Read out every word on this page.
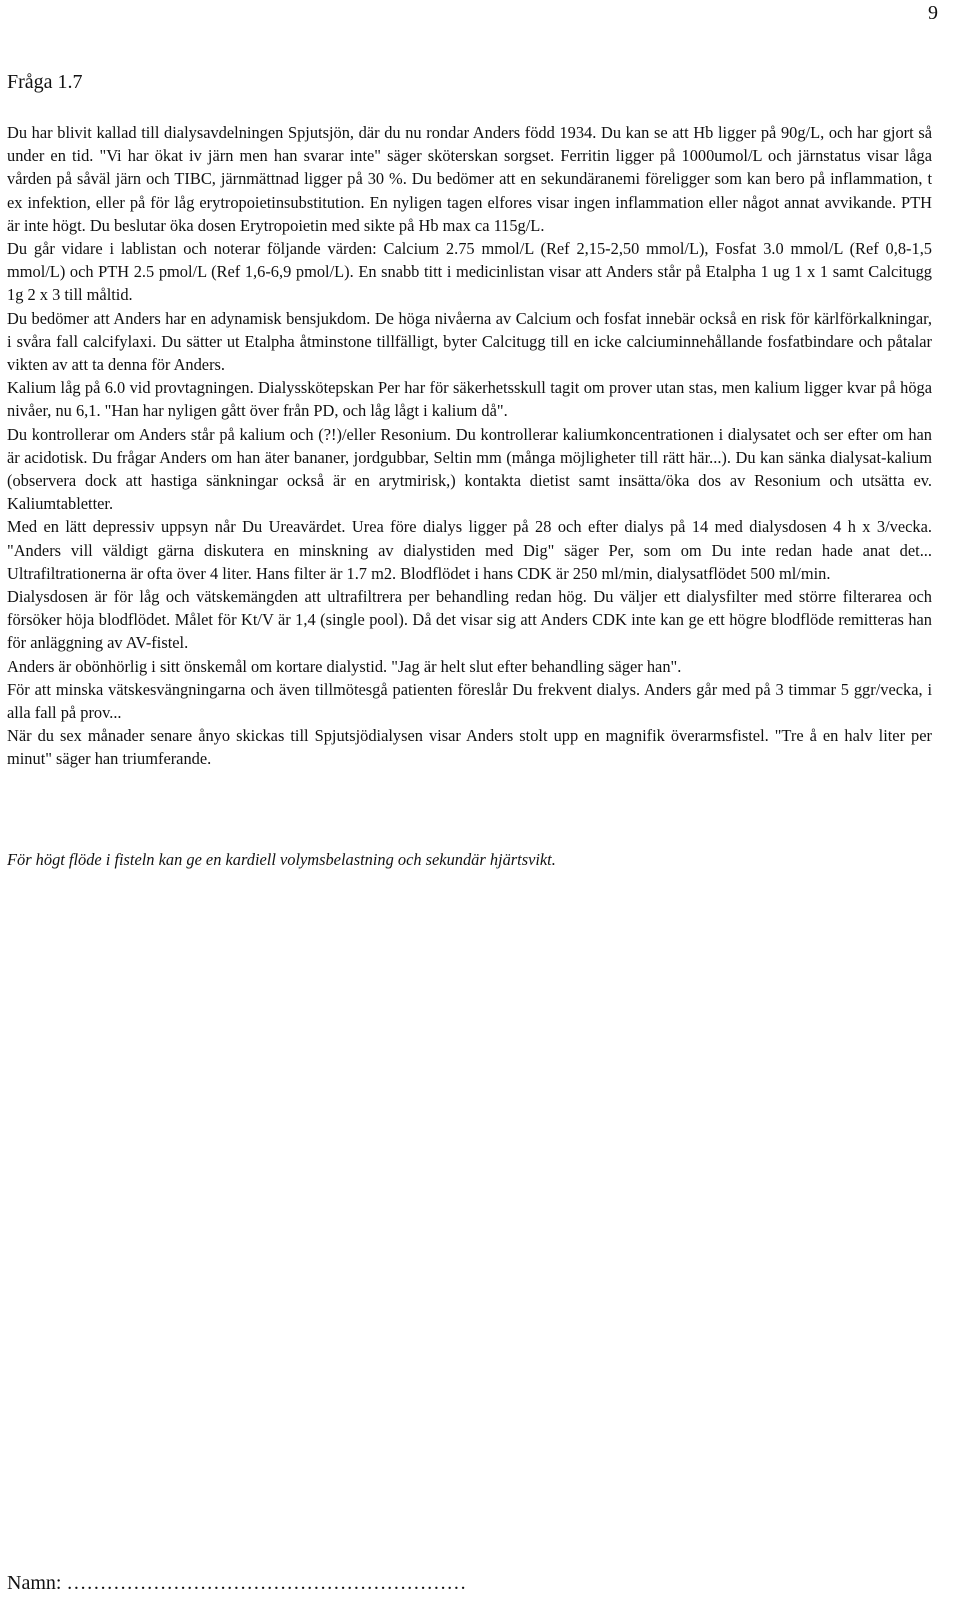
9
Fråga 1.7

Du har blivit kallad till dialysavdelningen Spjutsjön, där du nu rondar Anders född 1934. Du kan se att Hb ligger på 90g/L, och har gjort så under en tid. "Vi har ökat iv järn men han svarar inte" säger sköterskan sorgset. Ferritin ligger på 1000umol/L och järnstatus visar låga vården på såväl järn och TIBC, järnmättnad ligger på 30 %. Du bedömer att en sekundäranemi föreligger som kan bero på inflammation, t ex infektion, eller på för låg erytropoietinsubstitution. En nyligen tagen elfores visar ingen inflammation eller något annat avvikande. PTH är inte högt. Du beslutar öka dosen Erytropoietin med sikte på Hb max ca 115g/L.

Du går vidare i lablistan och noterar följande värden: Calcium 2.75 mmol/L (Ref 2,15-2,50 mmol/L), Fosfat 3.0 mmol/L (Ref 0,8-1,5 mmol/L) och PTH 2.5 pmol/L (Ref 1,6-6,9 pmol/L). En snabb titt i medicinlistan visar att Anders står på Etalpha 1 ug 1 x 1 samt Calcitugg 1g 2 x 3 till måltid.

Du bedömer att Anders har en adynamisk bensjukdom. De höga nivåerna av Calcium och fosfat innebär också en risk för kärlförkalkningar, i svåra fall calcifylaxi. Du sätter ut Etalpha åtminstone tillfälligt, byter Calcitugg till en icke calciuminnehållande fosfatbindare och påtalar vikten av att ta denna för Anders.

Kalium låg på 6.0 vid provtagningen. Dialysskötерskan Per har för säkerhetsskull tagit om prover utan stas, men kalium ligger kvar på höga nivåer, nu 6,1. "Han har nyligen gått över från PD, och låg lågt i kalium då".

Du kontrollerar om Anders står på kalium och (?!)/eller Resonium. Du kontrollerar kaliumkoncentrationen i dialysatet och ser efter om han är acidotisk. Du frågar Anders om han äter bananer, jordgubbar, Seltin mm (många möjligheter till rätt här...). Du kan sänka dialysat-kalium (observera dock att hastiga sänkningar också är en arytmirisk,) kontakta dietist samt insätta/öka dos av Resonium och utsätta ev. Kaliumtabletter.

Med en lätt depressiv uppsyn når Du Ureavärdet. Urea före dialys ligger på 28 och efter dialys på 14 med dialysdosen 4 h x 3/vecka. "Anders vill väldigt gärna diskutera en minskning av dialystiden med Dig" säger Per, som om Du inte redan hade anat det... Ultrafiltrationerna är ofta över 4 liter. Hans filter är 1.7 m2. Blodflödet i hans CDK är 250 ml/min, dialysatflödet 500 ml/min.

Dialysdosen är för låg och vätskemängden att ultrafiltrera per behandling redan hög. Du väljer ett dialysfilter med större filterarea och försöker höja blodflödet. Målet för Kt/V är 1,4 (single pool). Då det visar sig att Anders CDK inte kan ge ett högre blodflöde remitteras han för anläggning av AV-fistel.

Anders är obönhörlig i sitt önskemål om kortare dialystid. "Jag är helt slut efter behandling säger han".

För att minska vätskesvängningarna och även tillmötesgå patienten föreslår Du frekvent dialys. Anders går med på 3 timmar 5 ggr/vecka, i alla fall på prov...

När du sex månader senare ånyo skickas till Spjutsjödialysen visar Anders stolt upp en magnifik överarmsfistel. "Tre å en halv liter per minut" säger han triumferande.

För högt flöde i fisteln kan ge en kardiell volymsbelastning och sekundär hjärtsvikt.
Namn: ……………………………………………………
